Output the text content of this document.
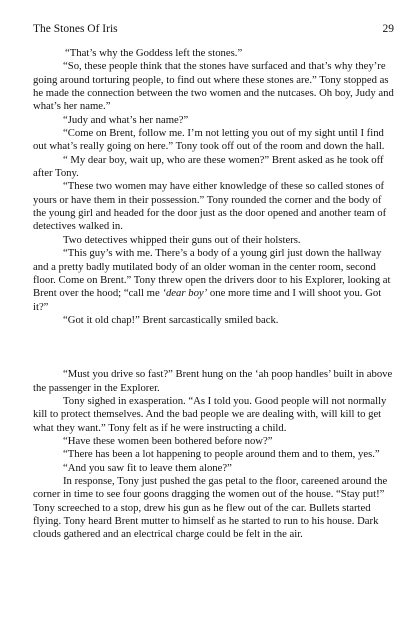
The Stones Of Iris	29

“That’s why the Goddess left the stones.”

“So, these people think that the stones have surfaced and that’s why they’re going around torturing people, to find out where these stones are.” Tony stopped as he made the connection between the two women and the nutcases. Oh boy, Judy and what’s her name.”

“Judy and what’s her name?”

“Come on Brent, follow me. I’m not letting you out of my sight until I find out what’s really going on here.” Tony took off out of the room and down the hall.

“ My dear boy, wait up, who are these women?” Brent asked as he took off after Tony.

“These two women may have either knowledge of these so called stones of yours or have them in their possession.” Tony rounded the corner and the body of the young girl and headed for the door just as the door opened and another team of detectives walked in.

Two detectives whipped their guns out of their holsters.

“This guy’s with me. There’s a body of a young girl just down the hallway and a pretty badly mutilated body of an older woman in the center room, second floor. Come on Brent.” Tony threw open the drivers door to his Explorer, looking at Brent over the hood; “call me ‘dear boy’ one more time and I will shoot you. Got it?”

“Got it old chap!” Brent sarcastically smiled back.

“Must you drive so fast?” Brent hung on the ‘ah poop handles’ built in above the passenger in the Explorer.

Tony sighed in exasperation. “As I told you. Good people will not normally kill to protect themselves. And the bad people we are dealing with, will kill to get what they want.” Tony felt as if he were instructing a child.

“Have these women been bothered before now?”

“There has been a lot happening to people around them and to them, yes.”

“And you saw fit to leave them alone?”

In response, Tony just pushed the gas petal to the floor, careened around the corner in time to see four goons dragging the women out of the house. “Stay put!” Tony screeched to a stop, drew his gun as he flew out of the car. Bullets started flying. Tony heard Brent mutter to himself as he started to run to his house. Dark clouds gathered and an electrical charge could be felt in the air.
